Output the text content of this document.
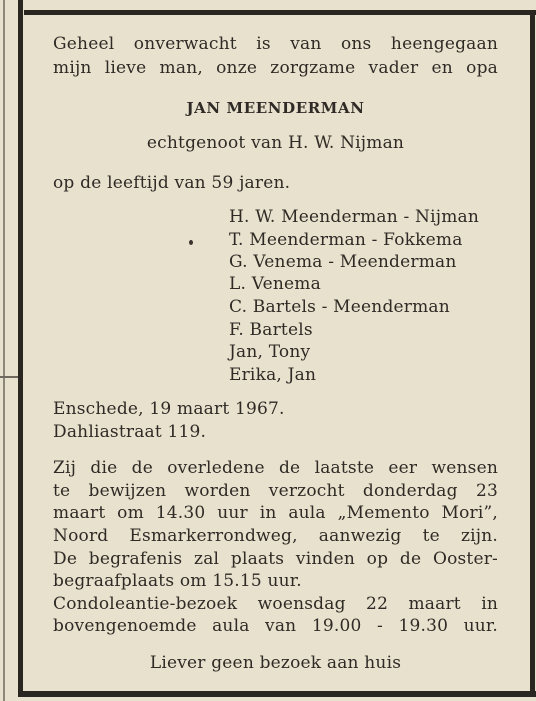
Geheel onverwacht is van ons heengegaan
mijn lieve man, onze zorgzame vader en opa
JAN MEENDERMAN
echtgenoot van H. W. Nijman
op de leeftijd van 59 jaren.
H. W. Meenderman - Nijman
T. Meenderman - Fokkema
G. Venema - Meenderman
L. Venema
C. Bartels - Meenderman
F. Bartels
Jan, Tony
Erika, Jan
Enschede, 19 maart 1967.
Dahliastraat 119.
Zij die de overledene de laatste eer wensen
te bewijzen worden verzocht donderdag 23
maart om 14.30 uur in aula „Memento Mori”,
Noord Esmarkerrondweg, aanwezig te zijn.
De begrafenis zal plaats vinden op de Ooster-
begraafplaats om 15.15 uur.
Condoleantie-bezoek woensdag 22 maart in
bovengenoemde aula van 19.00 - 19.30 uur.
Liever geen bezoek aan huis
